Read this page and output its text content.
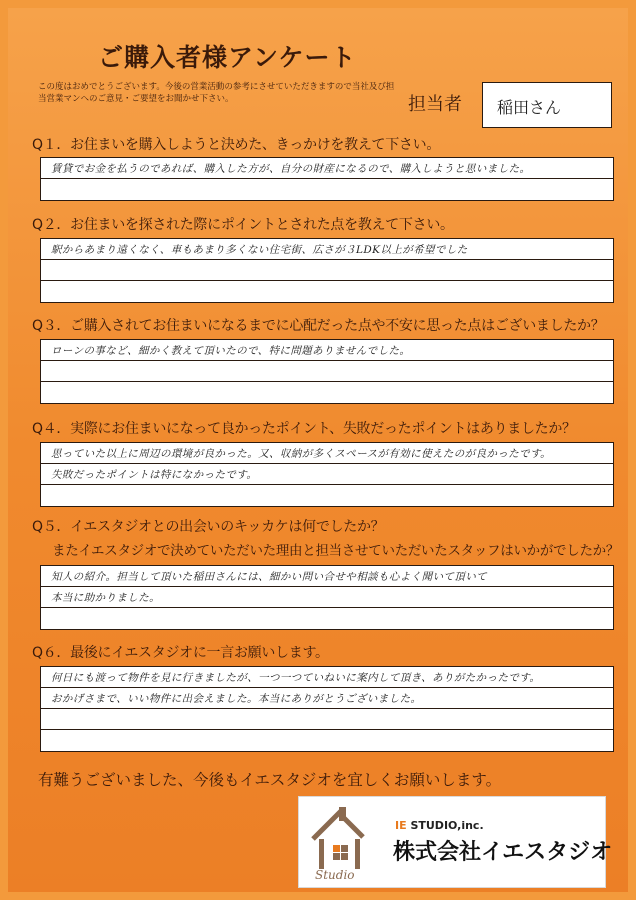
ご購入者様アンケート
この度はおめでとうございます。今後の営業活動の参考にさせていただきますので当社及び担当営業マンへのご意見・ご要望をお聞かせ下さい。	担当者 稲田さん
Q１．お住まいを購入しようと決めた、きっかけを教えて下さい。
賃貸でお金を払うのであれば、購入した方が、自分の財産になるので、購入しようと思いました。
Q２．お住まいを探された際にポイントとされた点を教えて下さい。
駅からあまり遠くなく、車もあまり多くない住宅街、広さが３LDK以上が希望でした
Q３．ご購入されてお住まいになるまでに心配だった点や不安に思った点はございましたか？
ローンの事など、細かく教えて頂いたので、特に問題ありませんでした。
Q４．実際にお住まいになって良かったポイント、失敗だったポイントはありましたか？
思っていた以上に周辺の環境が良かった。又、収納が多くスペースが有効に使えたのが良かったです。
失敗だったポイントは特になかったです。
Q５．イエスタジオとの出会いのキッカケは何でしたか？
またイエスタジオで決めていただいた理由と担当させていただいたスタッフはいかがでしたか？
知人の紹介。担当して頂いた稲田さんには、細かい問い合せや相談も心よく聞いて頂いて
本当に助かりました。
Q６．最後にイエスタジオに一言お願いします。
何日にも渡って物件を見に行きましたが、一つ一つていねいに案内して頂き、ありがたかったです。
おかげさまで、いい物件に出会えました。本当にありがとうございました。
有難うございました、今後もイエスタジオを宜しくお願いします。
Studio
IE STUDIO,inc.
株式会社イエスタジオ
